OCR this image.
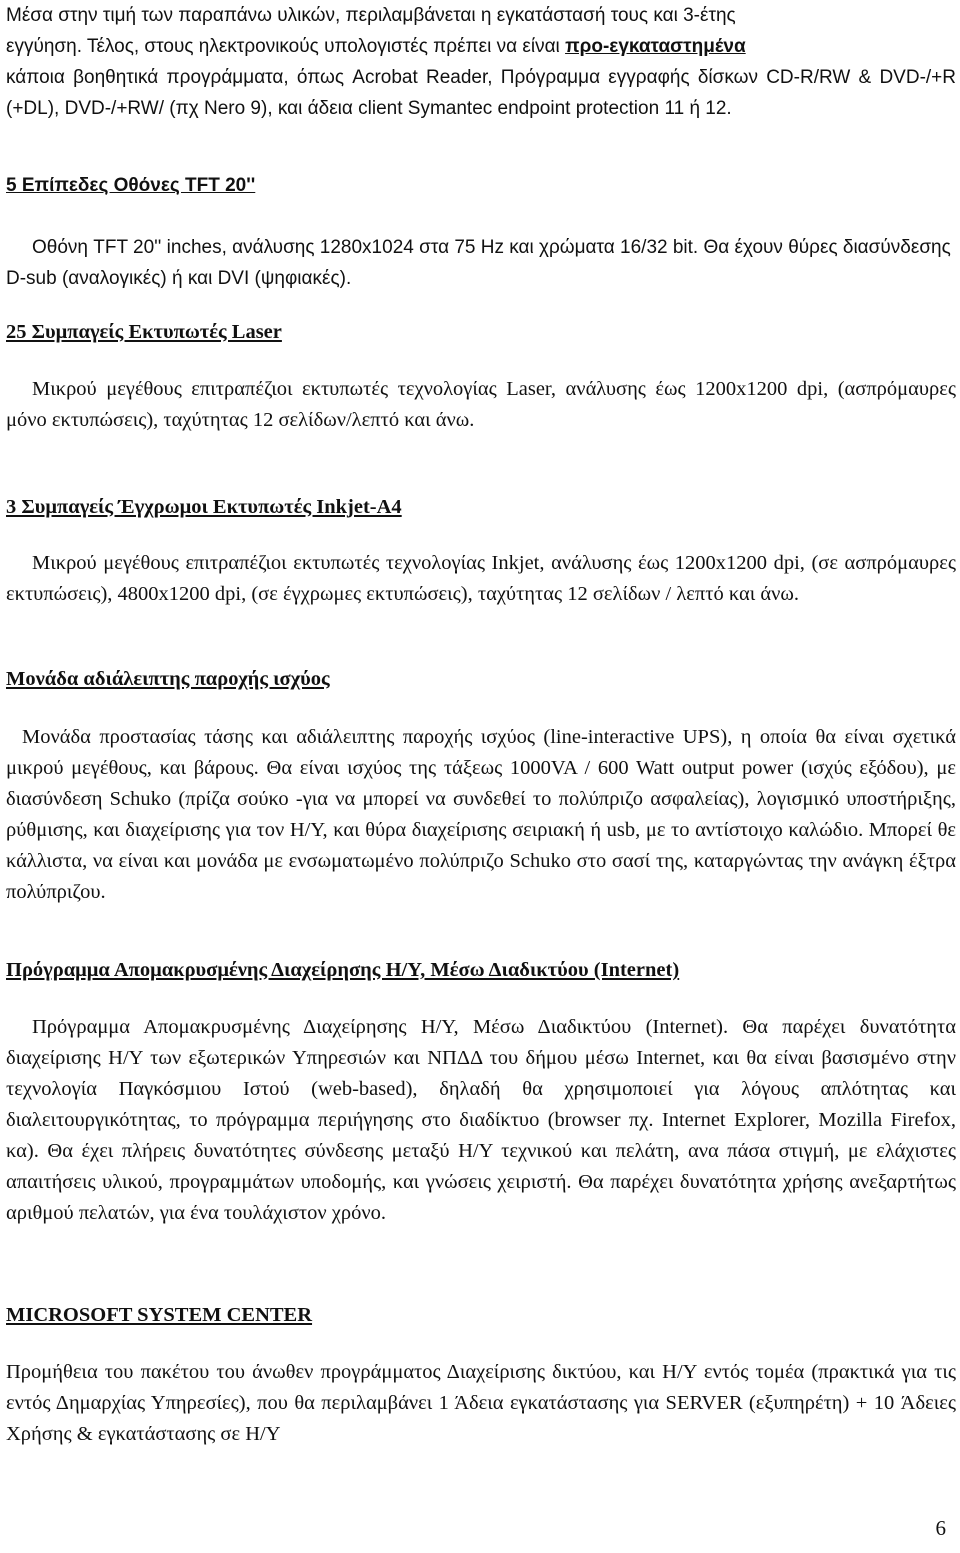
Μέσα στην τιμή των παραπάνω υλικών, περιλαμβάνεται η εγκατάστασή τους και 3-έτης

εγγύηση. Τέλος, στους ηλεκτρονικούς υπολογιστές πρέπει να είναι προ-εγκαταστημένα

κάποια βοηθητικά προγράμματα, όπως Acrobat Reader, Πρόγραμμα εγγραφής δίσκων CD-R/RW & DVD-/+R (+DL), DVD-/+RW/ (πχ Nero 9), και άδεια client Symantec endpoint protection 11 ή 12.

5 Επίπεδες Οθόνες TFT 20''

Οθόνη TFT 20'' inches, ανάλυσης 1280x1024 στα 75 Hz και χρώματα 16/32 bit. Θα έχουν θύρες διασύνδεσης D-sub (αναλογικές) ή και DVI (ψηφιακές).

25 Συμπαγείς Εκτυπωτές Laser

Μικρού μεγέθους επιτραπέζιοι εκτυπωτές τεχνολογίας Laser, ανάλυσης έως 1200x1200 dpi, (ασπρόμαυρες μόνο εκτυπώσεις), ταχύτητας 12 σελίδων/λεπτό και άνω.

3 Συμπαγείς Έγχρωμοι Εκτυπωτές Inkjet-A4

Μικρού μεγέθους επιτραπέζιοι εκτυπωτές τεχνολογίας Inkjet, ανάλυσης έως 1200x1200 dpi, (σε ασπρόμαυρες εκτυπώσεις), 4800x1200 dpi, (σε έγχρωμες εκτυπώσεις), ταχύτητας 12 σελίδων / λεπτό και άνω.

Μονάδα αδιάλειπτης παροχής ισχύος

Μονάδα προστασίας τάσης και αδιάλειπτης παροχής ισχύος (line-interactive UPS), η οποία θα είναι σχετικά μικρού μεγέθους, και βάρους. Θα είναι ισχύος της τάξεως 1000VA / 600 Watt output power (ισχύς εξόδου), με διασύνδεση Schuko (πρίζα σούκο -για να μπορεί να συνδεθεί το πολύπριζο ασφαλείας), λογισμικό υποστήριξης, ρύθμισης, και διαχείρισης για τον Η/Υ, και θύρα διαχείρισης σειριακή ή usb, με το αντίστοιχο καλώδιο. Μπορεί θε κάλλιστα, να είναι και μονάδα με ενσωματωμένο πολύπριζο Schuko στο σασί της, καταργώντας την ανάγκη έξτρα πολύπριζου.

Πρόγραμμα Απομακρυσμένης Διαχείρησης Η/Υ, Μέσω Διαδικτύου (Internet)

Πρόγραμμα Απομακρυσμένης Διαχείρησης Η/Υ, Μέσω Διαδικτύου (Internet). Θα παρέχει δυνατότητα διαχείρισης Η/Υ των εξωτερικών Υπηρεσιών και ΝΠΔΔ του δήμου μέσω Internet, και θα είναι βασισμένο στην τεχνολογία Παγκόσμιου Ιστού (web-based), δηλαδή θα χρησιμοποιεί για λόγους απλότητας και διαλειτουργικότητας, το πρόγραμμα περιήγησης στο διαδίκτυο (browser πχ. Internet Explorer, Mozilla Firefox, κα). Θα έχει πλήρεις δυνατότητες σύνδεσης μεταξύ Η/Υ τεχνικού και πελάτη, ανα πάσα στιγμή, με ελάχιστες απαιτήσεις υλικού, προγραμμάτων υποδομής, και γνώσεις χειριστή. Θα παρέχει δυνατότητα χρήσης ανεξαρτήτως αριθμού πελατών, για ένα τουλάχιστον χρόνο.

MICROSOFT SYSTEM CENTER

Προμήθεια του πακέτου του άνωθεν προγράμματος Διαχείρισης δικτύου, και Η/Υ εντός τομέα (πρακτικά για τις εντός Δημαρχίας Υπηρεσίες), που θα περιλαμβάνει 1 Άδεια εγκατάστασης για SERVER (εξυπηρέτη) + 10 Άδειες Χρήσης & εγκατάστασης σε Η/Υ

6
